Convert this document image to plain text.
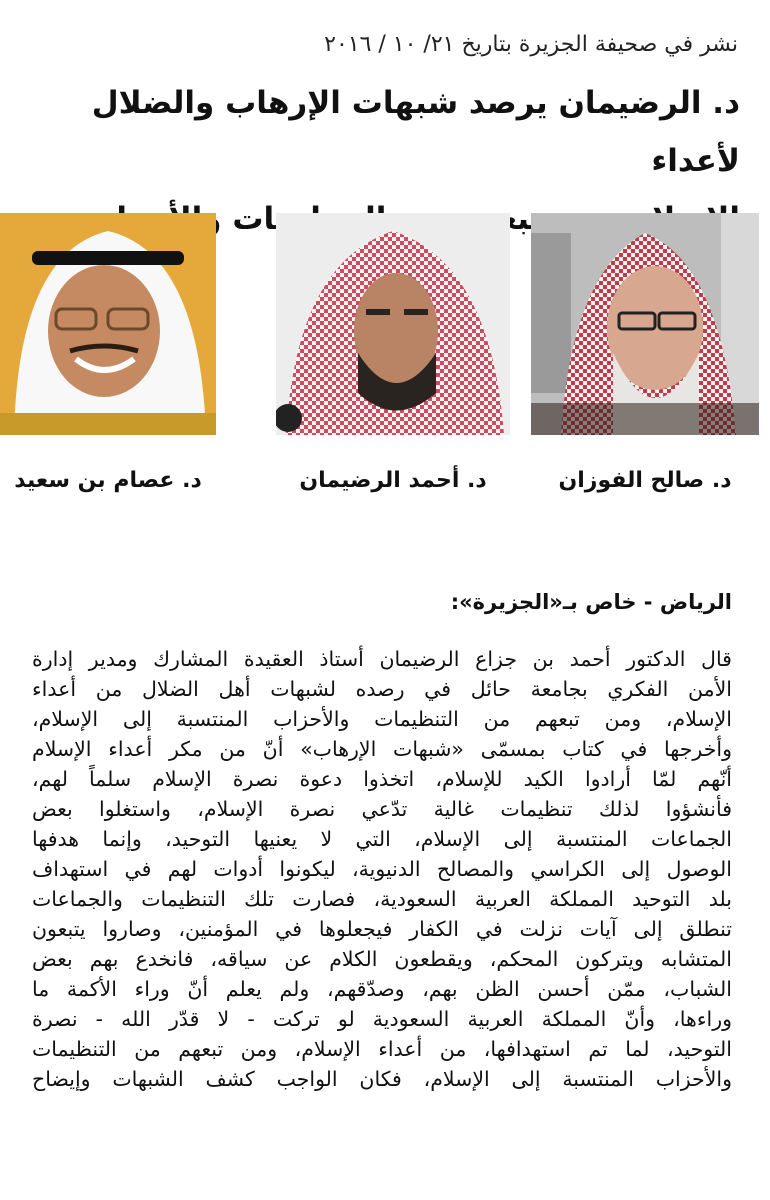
نشر في صحيفة الجزيرة بتاريخ ٢١/ ١٠ / ٢٠١٦
د. الرضيمان يرصد شبهات الإرهاب والضلال لأعداء
د. صالح الفوزان
د. أحمد الرضيمان
د. عصام بن سعيد
الرياض - خاص بـ«الجزيرة»:
قال الدكتور أحمد بن جزاع الرضيمان أستاذ العقيدة المشارك ومدير إدارة
الأمن الفكري بجامعة حائل في رصده لشبهات أهل الضلال من أعداء
الإسلام، ومن تبعهم من التنظيمات والأحزاب المنتسبة إلى الإسلام،
وأخرجها في كتاب بمسمّى «شبهات الإرهاب» أنّ من مكر أعداء الإسلام
أنّهم لمّا أرادوا الكيد للإسلام، اتخذوا دعوة نصرة الإسلام سلماً لهم،
فأنشؤوا لذلك تنظيمات غالية تدّعي نصرة الإسلام، واستغلوا بعض
الجماعات المنتسبة إلى الإسلام، التي لا يعنيها التوحيد، وإنما هدفها
الوصول إلى الكراسي والمصالح الدنيوية، ليكونوا أدوات لهم في استهداف
بلد التوحيد المملكة العربية السعودية، فصارت تلك التنظيمات والجماعات
تنطلق إلى آيات نزلت في الكفار فيجعلوها في المؤمنين، وصاروا يتبعون
المتشابه ويتركون المحكم، ويقطعون الكلام عن سياقه، فانخدع بهم بعض
الشباب، ممّن أحسن الظن بهم، وصدّقهم، ولم يعلم أنّ وراء الأكمة ما
وراءها، وأنّ المملكة العربية السعودية لو تركت - لا قدّر الله - نصرة
التوحيد، لما تم استهدافها، من أعداء الإسلام، ومن تبعهم من التنظيمات
والأحزاب المنتسبة إلى الإسلام، فكان الواجب كشف الشبهات وإيضاح
